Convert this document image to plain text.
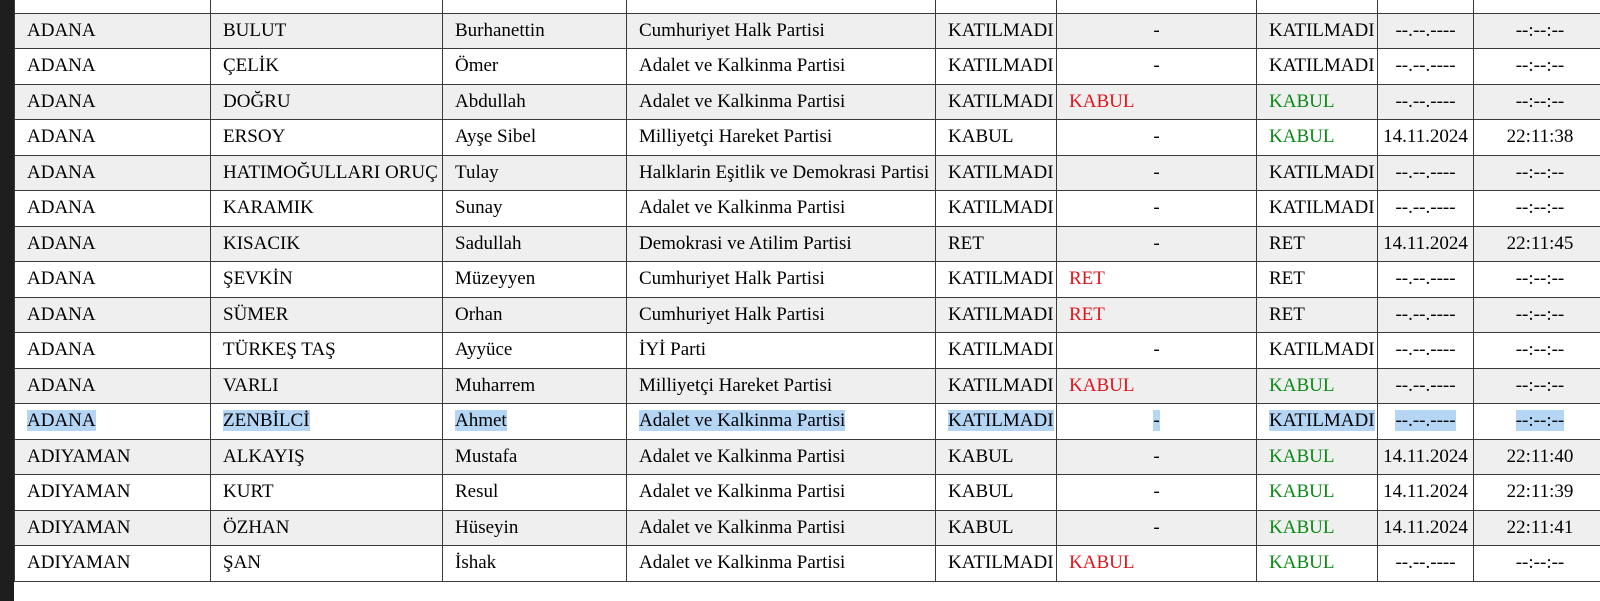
ADANA	BULUT	Burhanettin	Cumhuriyet Halk Partisi	KATILMADI	-	KATILMADI	--.--.----	--:--:--
ADANA	ÇELİK	Ömer	Adalet ve Kalkinma Partisi	KATILMADI	-	KATILMADI	--.--.----	--:--:--
ADANA	DOĞRU	Abdullah	Adalet ve Kalkinma Partisi	KATILMADI	KABUL	KABUL	--.--.----	--:--:--
ADANA	ERSOY	Ayşe Sibel	Milliyetçi Hareket Partisi	KABUL	-	KABUL	14.11.2024	22:11:38
ADANA	HATIMOĞULLARI ORUÇ	Tulay	Halklarin Eşitlik ve Demokrasi Partisi	KATILMADI	-	KATILMADI	--.--.----	--:--:--
ADANA	KARAMIK	Sunay	Adalet ve Kalkinma Partisi	KATILMADI	-	KATILMADI	--.--.----	--:--:--
ADANA	KISACIK	Sadullah	Demokrasi ve Atilim Partisi	RET	-	RET	14.11.2024	22:11:45
ADANA	ŞEVKİN	Müzeyyen	Cumhuriyet Halk Partisi	KATILMADI	RET	RET	--.--.----	--:--:--
ADANA	SÜMER	Orhan	Cumhuriyet Halk Partisi	KATILMADI	RET	RET	--.--.----	--:--:--
ADANA	TÜRKEŞ TAŞ	Ayyüce	İYİ Parti	KATILMADI	-	KATILMADI	--.--.----	--:--:--
ADANA	VARLI	Muharrem	Milliyetçi Hareket Partisi	KATILMADI	KABUL	KABUL	--.--.----	--:--:--
ADANA	ZENBİLCİ	Ahmet	Adalet ve Kalkinma Partisi	KATILMADI	-	KATILMADI	--.--.----	--:--:--
ADIYAMAN	ALKAYIŞ	Mustafa	Adalet ve Kalkinma Partisi	KABUL	-	KABUL	14.11.2024	22:11:40
ADIYAMAN	KURT	Resul	Adalet ve Kalkinma Partisi	KABUL	-	KABUL	14.11.2024	22:11:39
ADIYAMAN	ÖZHAN	Hüseyin	Adalet ve Kalkinma Partisi	KABUL	-	KABUL	14.11.2024	22:11:41
ADIYAMAN	ŞAN	İshak	Adalet ve Kalkinma Partisi	KATILMADI	KABUL	KABUL	--.--.----	--:--:--
